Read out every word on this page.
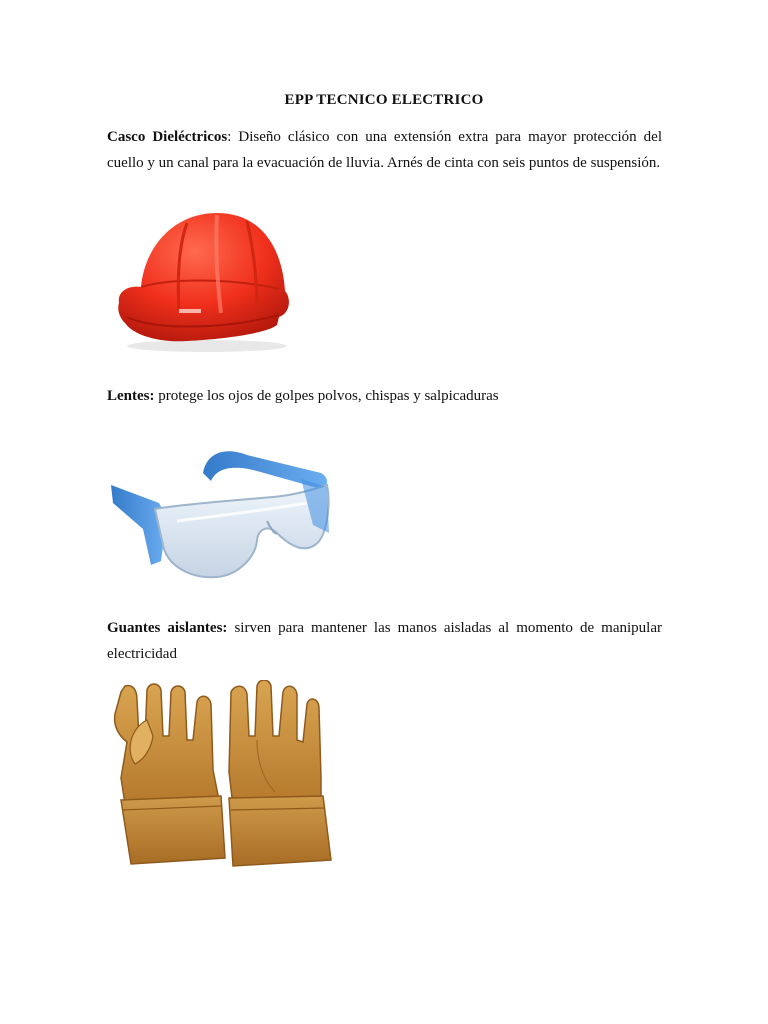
EPP TECNICO ELECTRICO

Casco Dieléctricos: Diseño clásico con una extensión extra para mayor protección del cuello y un canal para la evacuación de lluvia. Arnés de cinta con seis puntos de suspensión.

Lentes: protege los ojos de golpes polvos, chispas y salpicaduras

Guantes aislantes: sirven para mantener las manos aisladas al momento de manipular
electricidad
